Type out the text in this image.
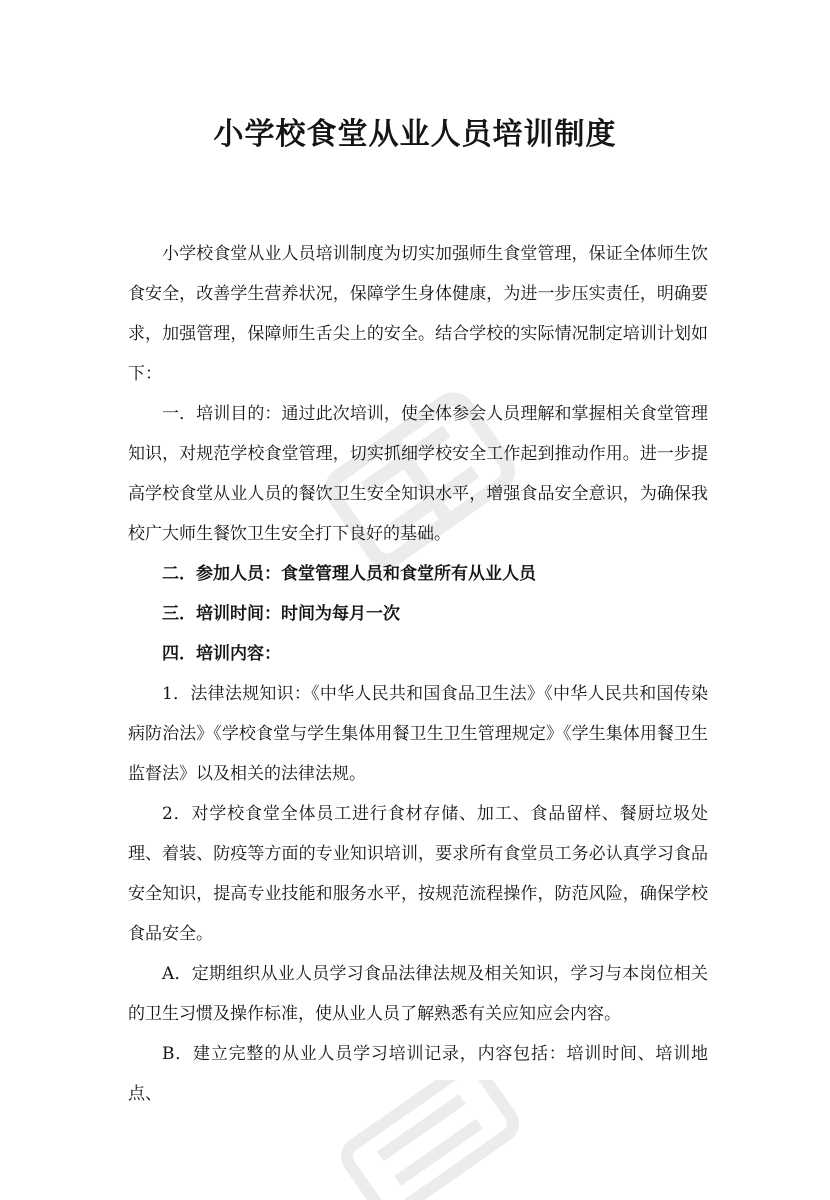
小学校食堂从业人员培训制度

小学校食堂从业人员培训制度为切实加强师生食堂管理，保证全体师生饮食安全，改善学生营养状况，保障学生身体健康，为进一步压实责任，明确要求，加强管理，保障师生舌尖上的安全。结合学校的实际情况制定培训计划如下：

一．培训目的：通过此次培训，使全体参会人员理解和掌握相关食堂管理知识，对规范学校食堂管理，切实抓细学校安全工作起到推动作用。进一步提高学校食堂从业人员的餐饮卫生安全知识水平，增强食品安全意识，为确保我校广大师生餐饮卫生安全打下良好的基础。

二．参加人员：食堂管理人员和食堂所有从业人员

三．培训时间：时间为每月一次

四．培训内容：

1．法律法规知识：《中华人民共和国食品卫生法》《中华人民共和国传染病防治法》《学校食堂与学生集体用餐卫生卫生管理规定》《学生集体用餐卫生监督法》以及相关的法律法规。

2．对学校食堂全体员工进行食材存储、加工、食品留样、餐厨垃圾处理、着装、防疫等方面的专业知识培训，要求所有食堂员工务必认真学习食品安全知识，提高专业技能和服务水平，按规范流程操作，防范风险，确保学校食品安全。

A．定期组织从业人员学习食品法律法规及相关知识，学习与本岗位相关的卫生习惯及操作标准，使从业人员了解熟悉有关应知应会内容。

B．建立完整的从业人员学习培训记录，内容包括：培训时间、培训地点、
